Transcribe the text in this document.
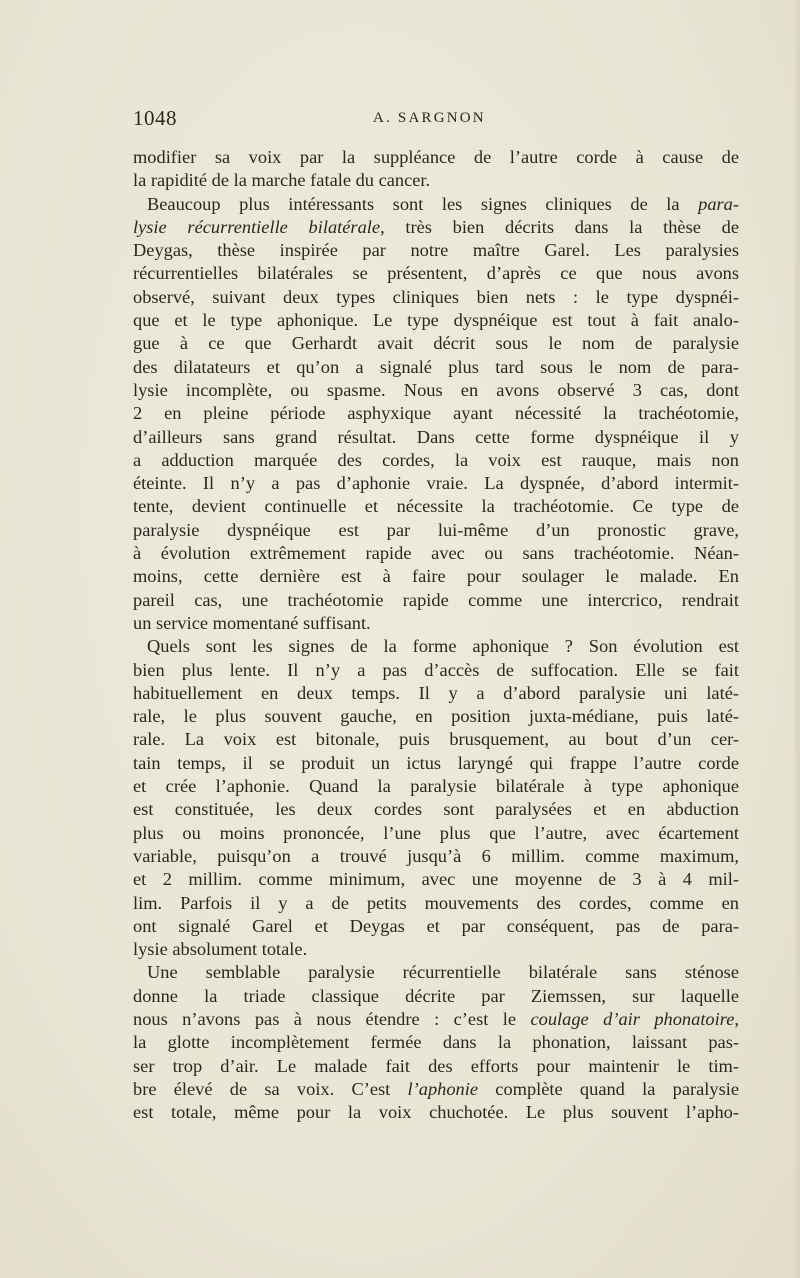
1048	A. SARGNON
modifier sa voix par la suppléance de l’autre corde à cause de
la rapidité de la marche fatale du cancer.
Beaucoup plus intéressants sont les signes cliniques de la para-
lysie récurrentielle bilatérale, très bien décrits dans la thèse de
Deygas, thèse inspirée par notre maître Garel. Les paralysies
récurrentielles bilatérales se présentent, d’après ce que nous avons
observé, suivant deux types cliniques bien nets : le type dyspnéi-
que et le type aphonique. Le type dyspnéique est tout à fait analo-
gue à ce que Gerhardt avait décrit sous le nom de paralysie
des dilatateurs et qu’on a signalé plus tard sous le nom de para-
lysie incomplète, ou spasme. Nous en avons observé 3 cas, dont
2 en pleine période asphyxique ayant nécessité la trachéotomie,
d’ailleurs sans grand résultat. Dans cette forme dyspnéique il y
a adduction marquée des cordes, la voix est rauque, mais non
éteinte. Il n’y a pas d’aphonie vraie. La dyspnée, d’abord intermit-
tente, devient continuelle et nécessite la trachéotomie. Ce type de
paralysie dyspnéique est par lui-même d’un pronostic grave,
à évolution extrêmement rapide avec ou sans trachéotomie. Néan-
moins, cette dernière est à faire pour soulager le malade. En
pareil cas, une trachéotomie rapide comme une intercrico, rendrait
un service momentané suffisant.
Quels sont les signes de la forme aphonique ? Son évolution est
bien plus lente. Il n’y a pas d’accès de suffocation. Elle se fait
habituellement en deux temps. Il y a d’abord paralysie uni laté-
rale, le plus souvent gauche, en position juxta-médiane, puis laté-
rale. La voix est bitonale, puis brusquement, au bout d’un cer-
tain temps, il se produit un ictus laryngé qui frappe l’autre corde
et crée l’aphonie. Quand la paralysie bilatérale à type aphonique
est constituée, les deux cordes sont paralysées et en abduction
plus ou moins prononcée, l’une plus que l’autre, avec écartement
variable, puisqu’on a trouvé jusqu’à 6 millim. comme maximum,
et 2 millim. comme minimum, avec une moyenne de 3 à 4 mil-
lim. Parfois il y a de petits mouvements des cordes, comme en
ont signalé Garel et Deygas et par conséquent, pas de para-
lysie absolument totale.
Une semblable paralysie récurrentielle bilatérale sans sténose
donne la triade classique décrite par Ziemssen, sur laquelle
nous n’avons pas à nous étendre : c’est le coulage d’air phonatoire,
la glotte incomplètement fermée dans la phonation, laissant pas-
ser trop d’air. Le malade fait des efforts pour maintenir le tim-
bre élevé de sa voix. C’est l’aphonie complète quand la paralysie
est totale, même pour la voix chuchotée. Le plus souvent l’apho-
